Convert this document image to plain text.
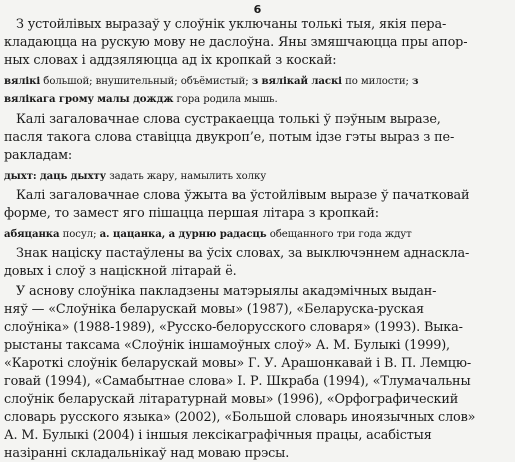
6
З устойлівых выразаў у слоўнік уключаны толькі тыя, якія пера-
кладаюцца на рускую мову не даслоўна. Яны змяшчаюцца пры апор-
ных словах і аддзяляюцца ад іх кропкай з коскай:
вялікі большой; внушительный; объёмистый; з вялікай ласкі по милости; з
вялікага грому малы дождж гора родила мышь.
Калі загаловачнае слова сустракаецца толькі ў пэўным выразе,
пасля такога слова ставіцца двукроп’е, потым ідзе гэты выраз з пе-
ракладам:
дыхт: даць дыхту задать жару, намылить холку
Калі загаловачнае слова ўжыта ва ўстойлівым выразе ў пачатковай
форме, то замест яго пішацца першая літара з кропкай:
абяцанка посул; а. цацанка, а дурню радасць обещанного три года ждут
Знак націску пастаўлены ва ўсіх словах, за выключэннем аднаскла-
довых і слоў з націскной літарай ё.
У аснову слоўніка пакладзены матэрыялы акадэмічных выдан-
няў — «Слоўніка беларускай мовы» (1987), «Беларуска-руская
слоўніка» (1988-1989), «Русско-белорусского словаря» (1993). Выка-
рыстаны таксама «Слоўнік іншамоўных слоў» А. М. Булыкі (1999),
«Кароткі слоўнік беларускай мовы» Г. У. Арашонкавай і В. П. Лемцю-
говай (1994), «Самабытнае слова» І. Р. Шкраба (1994), «Тлумачальны
слоўнік беларускай літаратурнай мовы» (1996), «Орфографический
словарь русского языка» (2002), «Большой словарь иноязычных слов»
А. М. Булыкі (2004) і іншыя лексікаграфічныя працы, асабістыя
назіранні складальнікаў над моваю прэсы.
